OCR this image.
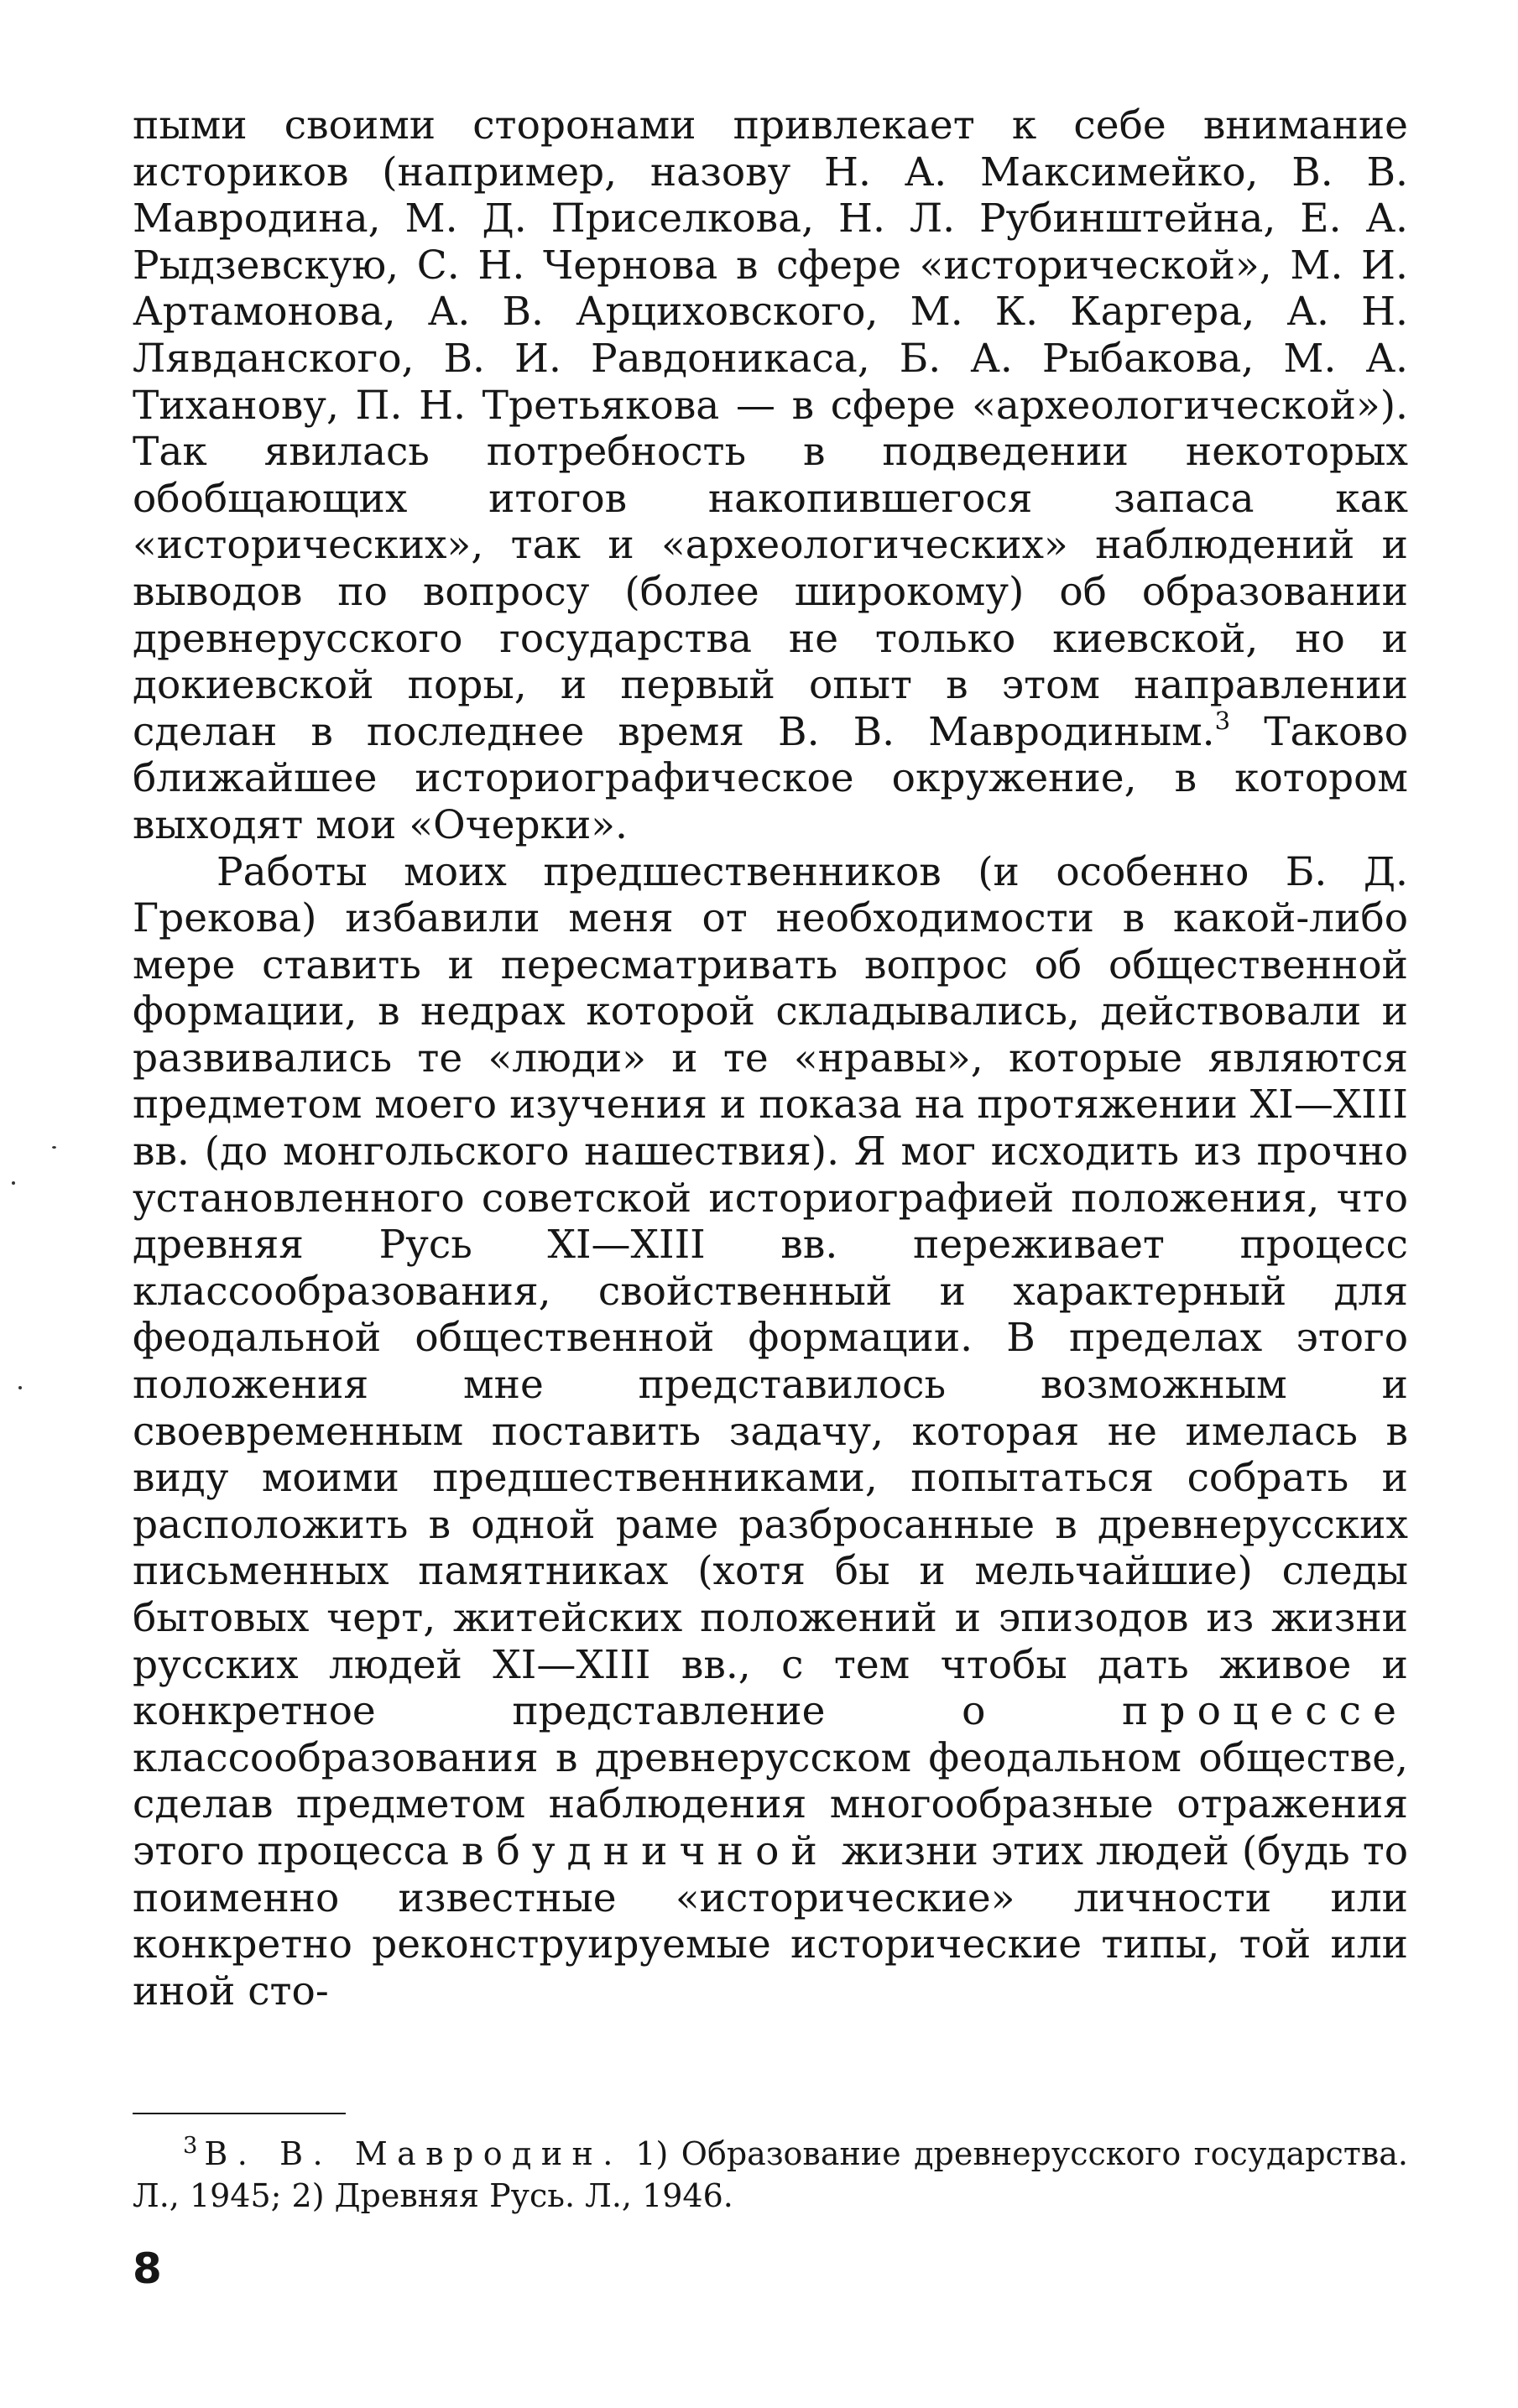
пыми своими сторонами привлекает к себе внимание историков (например, назову Н. А. Максимейко, В. В. Мавродина, М. Д. Приселкова, Н. Л. Рубинштейна, Е. А. Рыдзевскую, С. Н. Чернова в сфере «исторической», М. И. Артамонова, А. В. Арциховского, М. К. Каргера, А. Н. Лявданского, В. И. Равдоникаса, Б. А. Рыбакова, М. А. Тиханову, П. Н. Третьякова — в сфере «археологической»). Так явилась потребность в подведении некоторых обобщающих итогов накопившегося запаса как «исторических», так и «археологических» наблюдений и выводов по вопросу (более широкому) об образовании древнерусского государства не только киевской, но и докиевской поры, и первый опыт в этом направлении сделан в последнее время В. В. Мавродиным.$^3$ Таково ближайшее историографическое окружение, в котором выходят мои «Очерки».

Работы моих предшественников (и особенно Б. Д. Грекова) избавили меня от необходимости в какой-либо мере ставить и пересматривать вопрос об общественной формации, в недрах которой складывались, действовали и развивались те «люди» и те «нравы», которые являются предметом моего изучения и показа на протяжении XI—XIII вв. (до монгольского нашествия). Я мог исходить из прочно установленного советской историографией положения, что древняя Русь XI—XIII вв. переживает процесс классообразования, свойственный и характерный для феодальной общественной формации. В пределах этого положения мне представилось возможным и своевременным поставить задачу, которая не имелась в виду моими предшественниками, попытаться собрать и расположить в одной раме разбросанные в древнерусских письменных памятниках (хотя бы и мельчайшие) следы бытовых черт, житейских положений и эпизодов из жизни русских людей XI—XIII вв., с тем чтобы дать живое и конкретное представление о процессе классообразования в древнерусском феодальном обществе, сделав предметом наблюдения многообразные отражения этого процесса в будничной жизни этих людей (будь то поименно известные «исторические» личности или конкретно реконструируемые исторические типы, той или иной сто-

$^3$ В. В. Мавродин. 1) Образование древнерусского государства. Л., 1945; 2) Древняя Русь. Л., 1946.
8
